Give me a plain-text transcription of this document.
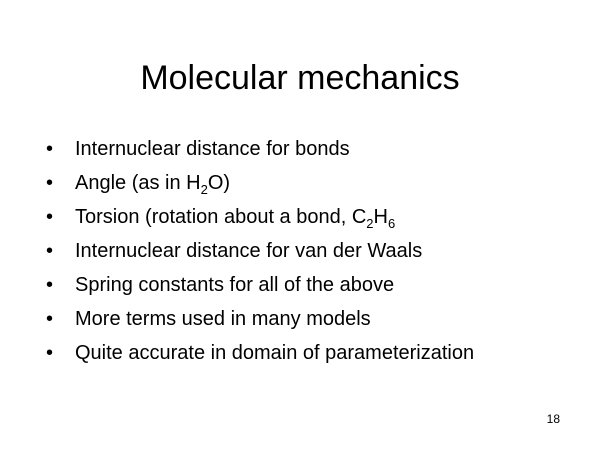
Molecular mechanics
•	Internuclear distance for bonds
•	Angle (as in $H_2O$)
•	Torsion (rotation about a bond, $C_2H_6$
•	Internuclear distance for van der Waals
•	Spring constants for all of the above
•	More terms used in many models
•	Quite accurate in domain of parameterization
18
